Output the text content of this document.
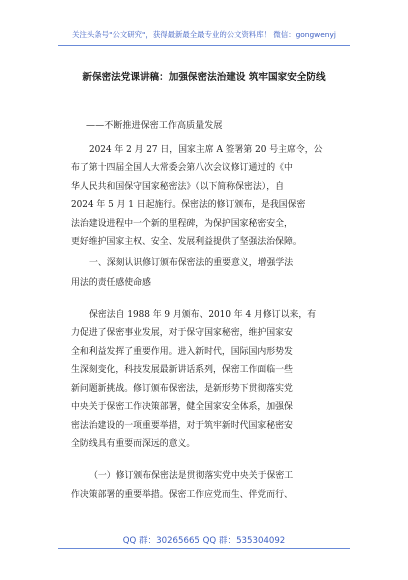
关注头条号"公文研究"，获得最新最全最专业的公文资料库！ 微信：gongwenyj
新保密法党课讲稿：加强保密法治建设 筑牢国家安全防线
——不断推进保密工作高质量发展
2024 年 2 月 27 日，国家主席 A 签署第 20 号主席令，公
布了第十四届全国人大常委会第八次会议修订通过的《中
华人民共和国保守国家秘密法》（以下简称保密法），自
2024 年 5 月 1 日起施行。保密法的修订颁布，是我国保密
法治建设进程中一个新的里程碑，为保护国家秘密安全，
更好维护国家主权、安全、发展利益提供了坚强法治保障。
一、深刻认识修订颁布保密法的重要意义，增强学法
用法的责任感使命感
保密法自 1988 年 9 月颁布、2010 年 4 月修订以来，有
力促进了保密事业发展，对于保守国家秘密，维护国家安
全和利益发挥了重要作用。进入新时代，国际国内形势发
生深刻变化，科技发展最新讲话系列，保密工作面临一些
新问题新挑战。修订颁布保密法，是新形势下贯彻落实党
中央关于保密工作决策部署，健全国家安全体系，加强保
密法治建设的一项重要举措，对于筑牢新时代国家秘密安
全防线具有重要而深远的意义。
（一）修订颁布保密法是贯彻落实党中央关于保密工
作决策部署的重要举措。保密工作应党而生、伴党而行、
QQ 群：30265665 QQ 群：535304092
